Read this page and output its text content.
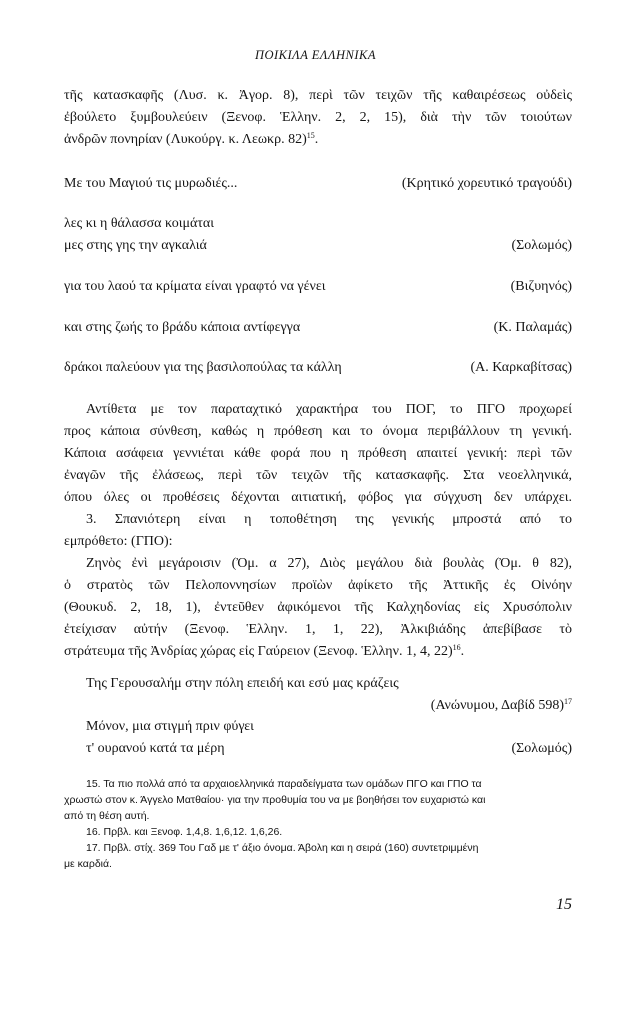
ΠΟΙΚΙΛΑ ΕΛΛΗΝΙΚΑ
τῆς κατασκαφῆς (Λυσ. κ. Ἀγορ. 8), περὶ τῶν τειχῶν τῆς καθαιρέσεως οὐδεὶς
ἐβούλετο ξυμβουλεύειν (Ξενοφ. Ἑλλην. 2, 2, 15), διὰ τὴν τῶν τοιούτων
ἀνδρῶν πονηρίαν (Λυκούργ. κ. Λεωκρ. 82)$^{15}$.
Με του Μαγιού τις μυρωδιές...	(Κρητικό χορευτικό τραγούδι)
λες κι η θάλασσα κοιμάται
μες στης γης την αγκαλιά	(Σολωμός)
για του λαού τα κρίματα είναι γραφτό να γένει	(Βιζυηνός)
και στης ζωής το βράδυ κάποια αντίφεγγα	(Κ. Παλαμάς)
δράκοι παλεύουν για της βασιλοπούλας τα κάλλη	(Α. Καρκαβίτσας)
Αντίθετα με τον παραταχτικό χαρακτήρα του ΠΟΓ, το ΠΓΟ προχωρεί
προς κάποια σύνθεση, καθώς η πρόθεση και το όνομα περιβάλλουν τη γενική.
Κάποια ασάφεια γεννιέται κάθε φορά που η πρόθεση απαιτεί γενική: περὶ τῶν
ἐναγῶν τῆς ἐλάσεως, περὶ τῶν τειχῶν τῆς κατασκαφῆς. Στα νεοελληνικά,
όπου όλες οι προθέσεις δέχονται αιτιατική, φόβος για σύγχυση δεν υπάρχει.
3. Σπανιότερη είναι η τοποθέτηση της γενικής μπροστά από το
εμπρόθετο: (ΓΠΟ):
Ζηνὸς ἐνὶ μεγάροισιν (Ὀμ. α 27), Διὸς μεγάλου διὰ βουλὰς (Ὀμ. θ 82),
ὁ στρατὸς τῶν Πελοποννησίων προϊὼν ἀφίκετο τῆς Ἀττικῆς ἐς Οἰνόην
(Θουκυδ. 2, 18, 1), ἐντεῦθεν ἀφικόμενοι τῆς Καλχηδονίας εἰς Χρυσόπολιν
ἐτείχισαν αὐτήν (Ξενοφ. Ἑλλην. 1, 1, 22), Ἀλκιβιάδης ἀπεβίβασε τὸ
στράτευμα τῆς Ἀνδρίας χώρας εἰς Γαύρειον (Ξενοφ. Ἑλλην. 1, 4, 22)$^{16}$.
Της Γερουσαλήμ στην πόλη επειδή και εσύ μας κράζεις
(Ανώνυμου, Δαβίδ 598)$^{17}$
Μόνον, μια στιγμή πριν φύγει
τ' ουρανού κατά τα μέρη	(Σολωμός)
15. Τα πιο πολλά από τα αρχαιοελληνικά παραδείγματα των ομάδων ΠΓΟ και ΓΠΟ τα
χρωστώ στον κ. Άγγελο Ματθαίου· για την προθυμία του να με βοηθήσει τον ευχαριστώ και
από τη θέση αυτή.
16. Πρβλ. και Ξενοφ. 1,4,8. 1,6,12. 1,6,26.
17. Πρβλ. στίχ. 369 Του Γαδ με τ' άξιο όνομα. Άβολη και η σειρά (160) συντετριμμένη
με καρδιά.
15
